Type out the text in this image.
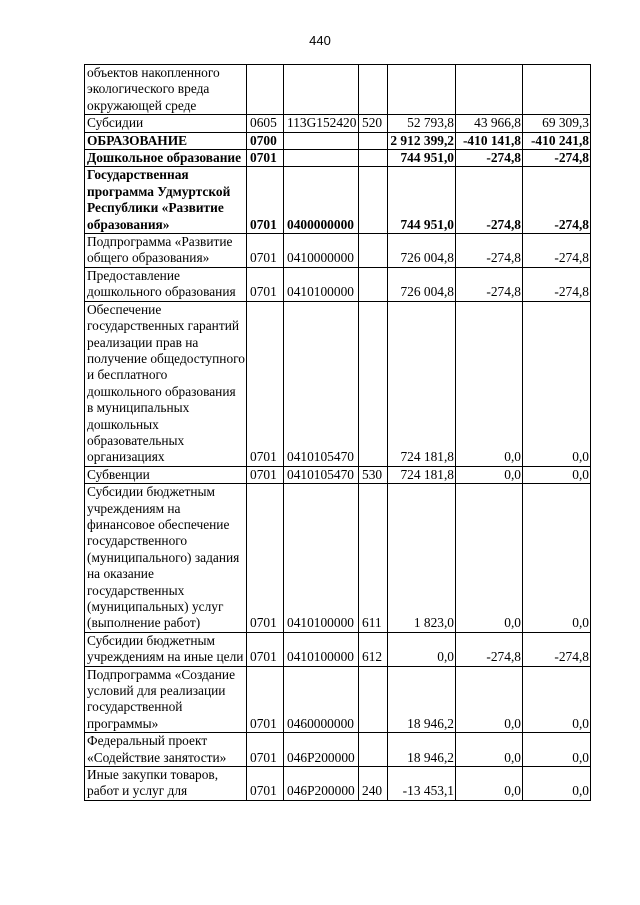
440
объектов накопленного экологического вреда окружающей среде						
Субсидии	0605	113G152420	520	52 793,8	43 966,8	69 309,3
ОБРАЗОВАНИЕ	0700			2 912 399,2	-410 141,8	-410 241,8
Дошкольное образование	0701			744 951,0	-274,8	-274,8
Государственная программа Удмуртской Республики «Развитие образования»	0701	0400000000		744 951,0	-274,8	-274,8
Подпрограмма «Развитие общего образования»	0701	0410000000		726 004,8	-274,8	-274,8
Предоставление дошкольного образования	0701	0410100000		726 004,8	-274,8	-274,8
Обеспечение государственных гарантий реализации прав на получение общедоступного и бесплатного дошкольного образования в муниципальных дошкольных образовательных организациях	0701	0410105470		724 181,8	0,0	0,0
Субвенции	0701	0410105470	530	724 181,8	0,0	0,0
Субсидии бюджетным учреждениям на финансовое обеспечение государственного (муниципального) задания на оказание государственных (муниципальных) услуг (выполнение работ)	0701	0410100000	611	1 823,0	0,0	0,0
Субсидии бюджетным учреждениям на иные цели	0701	0410100000	612	0,0	-274,8	-274,8
Подпрограмма «Создание условий для реализации государственной программы»	0701	0460000000		18 946,2	0,0	0,0
Федеральный проект «Содействие занятости»	0701	046P200000		18 946,2	0,0	0,0
Иные закупки товаров, работ и услуг для	0701	046P200000	240	-13 453,1	0,0	0,0
